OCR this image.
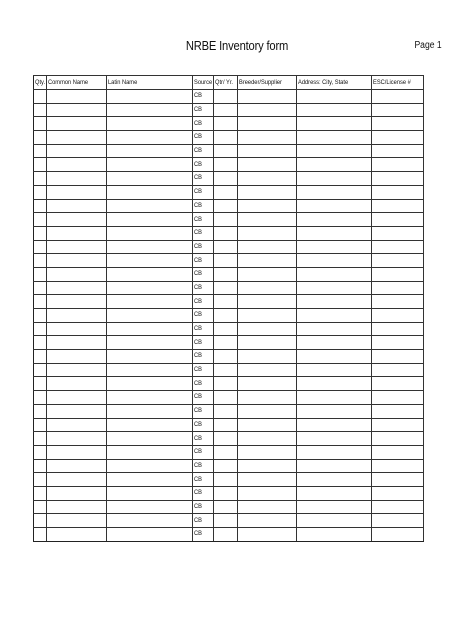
NRBE Inventory form	Page 1
Qty.	Common Name	Latin Name	Source	Qtr/ Yr.	Breeder/Supplier	Address: City, State	ESC/License #
			CB				
			CB				
			CB				
			CB				
			CB				
			CB				
			CB				
			CB				
			CB				
			CB				
			CB				
			CB				
			CB				
			CB				
			CB				
			CB				
			CB				
			CB				
			CB				
			CB				
			CB				
			CB				
			CB				
			CB				
			CB				
			CB				
			CB				
			CB				
			CB				
			CB				
			CB				
			CB				
			CB				
